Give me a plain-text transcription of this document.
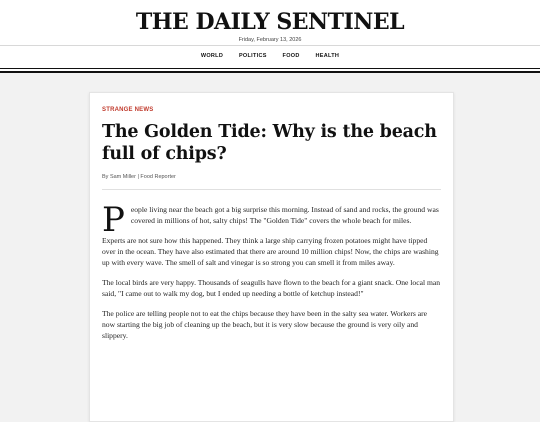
THE DAILY SENTINEL
Friday, February 13, 2026
WORLD	POLITICS	FOOD	HEALTH
STRANGE NEWS
The Golden Tide: Why is the beach full of chips?
By Sam Miller | Food Reporter

People living near the beach got a big surprise this morning. Instead of sand and rocks, the ground was covered in millions of hot, salty chips! The "Golden Tide" covers the whole beach for miles.

Experts are not sure how this happened. They think a large ship carrying frozen potatoes might have tipped over in the ocean. They have also estimated that there are around 10 million chips! Now, the chips are washing up with every wave. The smell of salt and vinegar is so strong you can smell it from miles away.

The local birds are very happy. Thousands of seagulls have flown to the beach for a giant snack. One local man said, "I came out to walk my dog, but I ended up needing a bottle of ketchup instead!"

The police are telling people not to eat the chips because they have been in the salty sea water. Workers are now starting the big job of cleaning up the beach, but it is very slow because the ground is very oily and slippery.
